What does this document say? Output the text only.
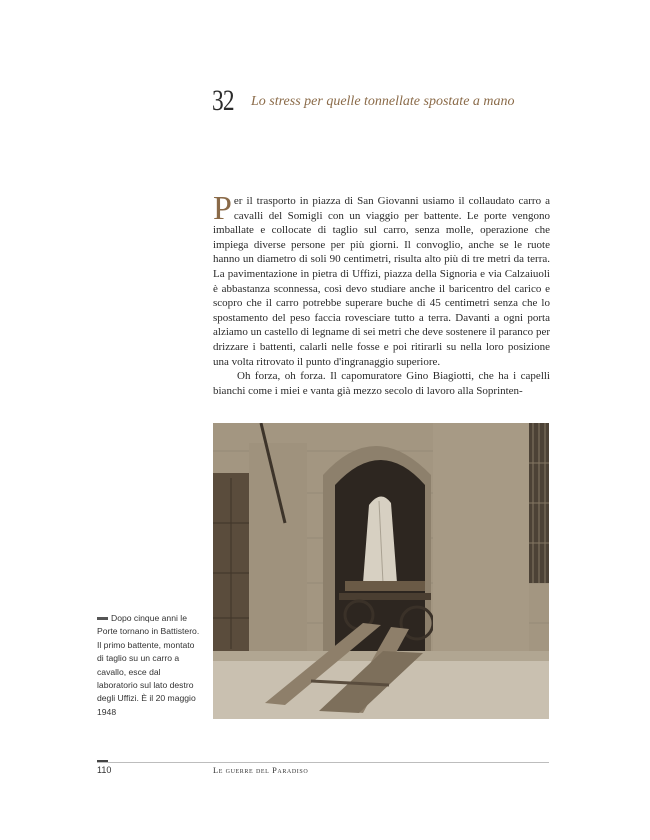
32 Lo stress per quelle tonnellate spostate a mano

Per il trasporto in piazza di San Giovanni usiamo il collaudato carro a cavalli del Somigli con un viaggio per battente. Le porte vengono imballate e collocate di taglio sul carro, senza molle, operazione che impiega diverse persone per più giorni. Il convoglio, anche se le ruote hanno un diametro di soli 90 centimetri, risulta alto più di tre metri da terra. La pavimentazione in pietra di Uffizi, piazza della Signoria e via Calzaiuoli è abbastanza sconnessa, così devo studiare anche il baricentro del carico e scopro che il carro potrebbe superare buche di 45 centimetri senza che lo spostamento del peso faccia rovesciare tutto a terra. Davanti a ogni porta alziamo un castello di legname di sei metri che deve sostenere il paranco per drizzare i battenti, calarli nelle fosse e poi ritirarli su nella loro posizione una volta ritrovato il punto d'ingranaggio superiore.

Oh forza, oh forza. Il capomuratore Gino Biagiotti, che ha i capelli bianchi come i miei e vanta già mezzo secolo di lavoro alla Soprinten-

Dopo cinque anni le Porte tornano in Battistero. Il primo battente, montato di taglio su un carro a cavallo, esce dal laboratorio sul lato destro degli Uffizi. È il 20 maggio 1948
110	Le guerre del Paradiso
